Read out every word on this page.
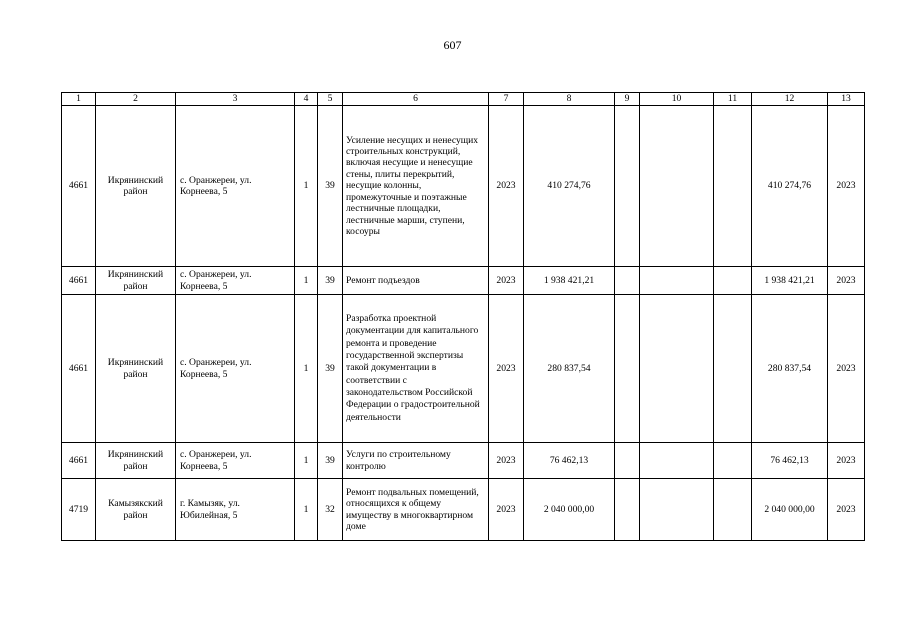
607
1	2	3	4	5	6	7	8	9	10	11	12	13
4661	Икрянинский район	с. Оранжереи, ул. Корнеева, 5	1	39	Усиление несущих и ненесущих строительных конструкций, включая несущие и ненесущие стены, плиты перекрытий, несущие колонны, промежуточные и поэтажные лестничные площадки, лестничные марши, ступени, косоуры	2023	410 274,76				410 274,76	2023
4661	Икрянинский район	с. Оранжереи, ул. Корнеева, 5	1	39	Ремонт подъездов	2023	1 938 421,21				1 938 421,21	2023
4661	Икрянинский район	с. Оранжереи, ул. Корнеева, 5	1	39	Разработка проектной документации для капитального ремонта и проведение государственной экспертизы такой документации в соответствии с законодательством Российской Федерации о градостроительной деятельности	2023	280 837,54				280 837,54	2023
4661	Икрянинский район	с. Оранжереи, ул. Корнеева, 5	1	39	Услуги по строительному контролю	2023	76 462,13				76 462,13	2023
4719	Камызякский район	г. Камызяк, ул. Юбилейная, 5	1	32	Ремонт подвальных помещений, относящихся к общему имуществу в многоквартирном доме	2023	2 040 000,00				2 040 000,00	2023
